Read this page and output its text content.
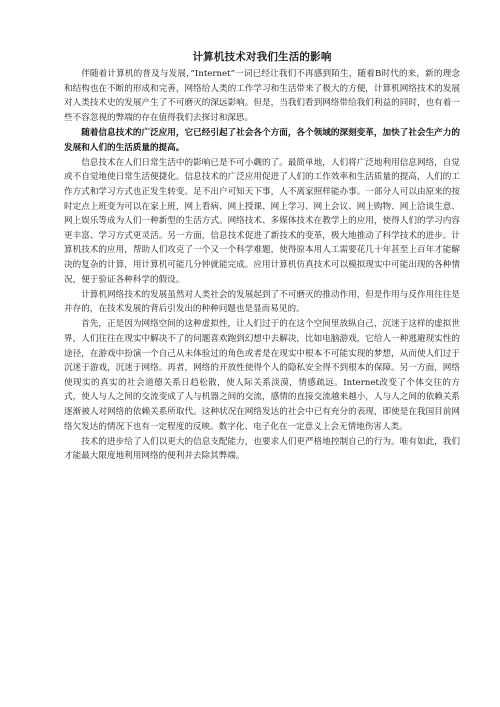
计算机技术对我们生活的影响

伴随着计算机的普及与发展，”Internet”一词已经让我们不再感到陌生，随着B时代的来，新的理念和结构也在不断的形成和完善，网络给人类的工作学习和生活带来了极大的方便，计算机网络技术的发展对人类技术史的发展产生了不可磨灭的深远影响。但是，当我们看到网络带给我们利益的同时，也有着一些不容忽视的弊端的存在值得我们去探讨和深思。

随着信息技术的广泛应用，它已经引起了社会各个方面，各个领域的深刻变革，加快了社会生产力的发展和人们的生活质量的提高。

信息技术在人们日常生活中的影响已是不可小觑的了。最简单地，人们将广泛地利用信息网络，自觉或不自觉地使日常生活便捷化。信息技术的广泛应用促进了人们的工作效率和生活质量的提高，人们的工作方式和学习方式也正发生转变。足不出户可知天下事，人不离家照样能办事。一部分人可以由原来的按时定点上班变为可以在家上班，网上看病、网上授课、网上学习、网上会议、网上购物、网上洽谈生意、网上娱乐等成为人们一种新型的生活方式。网络技术、多媒体技术在教学上的应用，使得人们的学习内容更丰富、学习方式更灵活。另一方面，信息技术促进了新技术的变革，极大地推动了科学技术的进步。计算机技术的应用，帮助人们攻克了一个又一个科学难题，使得原本用人工需要花几十年甚至上百年才能解决的复杂的计算，用计算机可能几分钟就能完成。应用计算机仿真技术可以模拟现实中可能出现的各种情况，便于验证各种科学的假设。

计算机网络技术的发展虽然对人类社会的发展起到了不可磨灭的推动作用，但是作用与反作用往往是并存的，在技术发展的背后引发出的种种问题也是显而易见的。

首先，正是因为网络空间的这种虚拟性，让人们过于的在这个空间里放纵自己，沉迷于这样的虚拟世界，人们往往在现实中解决不了的问题喜欢跑到幻想中去解决，比如电脑游戏，它给人一种逃避现实性的途径，在游戏中扮演一个自己从未体验过的角色或者是在现实中根本不可能实现的梦想，从而使人们过于沉迷于游戏，沉迷于网络。再者，网络的开放性使得个人的隐私安全得不到根本的保障。另一方面，网络使现实的真实的社会道德关系日趋松散，使人际关系淡漠，情感疏远。Internet改变了个体交往的方式，使人与人之间的交流变成了人与机器之间的交流，感情的直接交流越来越小，人与人之间的依赖关系逐渐被人对网络的依赖关系所取代。这种状况在网络发达的社会中已有充分的表现，即使是在我国目前网络欠发达的情况下也有一定程度的反映。数字化、电子化在一定意义上会无情地伤害人类。

技术的进步给了人们以更大的信息支配能力，也要求人们更严格地控制自己的行为。唯有如此，我们才能最大限度地利用网络的便利并去除其弊端。
